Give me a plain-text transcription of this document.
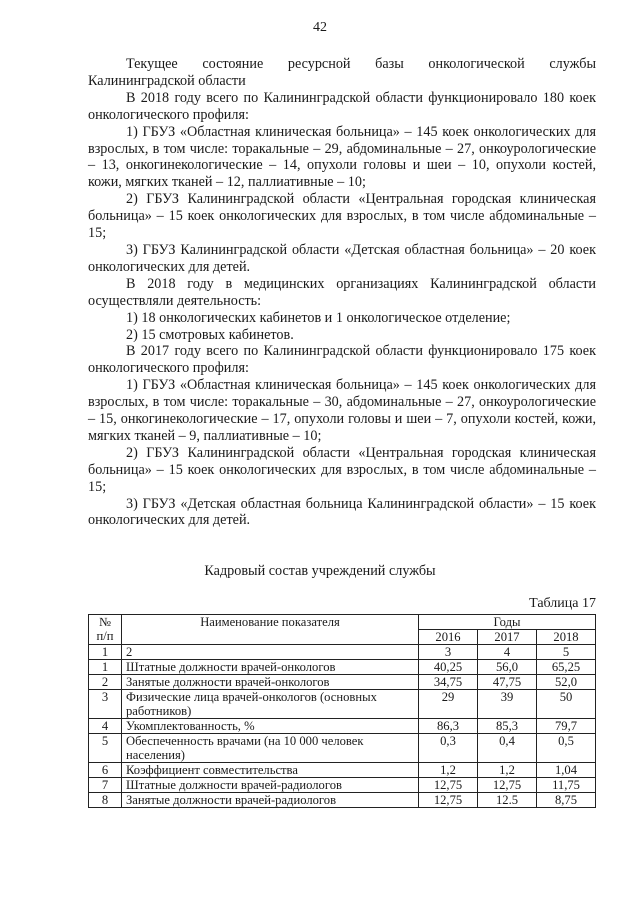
42

Текущее состояние ресурсной базы онкологической службы Калининградской области

В 2018 году всего по Калининградской области функционировало 180 коек онкологического профиля:

1) ГБУЗ «Областная клиническая больница» – 145 коек онкологических для взрослых, в том числе: торакальные – 29, абдоминальные – 27, онкоурологические – 13, онкогинекологические – 14, опухоли головы и шеи – 10, опухоли костей, кожи, мягких тканей – 12, паллиативные – 10;

2) ГБУЗ Калининградской области «Центральная городская клиническая больница» – 15 коек онкологических для взрослых, в том числе абдоминальные – 15;

3) ГБУЗ Калининградской области «Детская областная больница» – 20 коек онкологических для детей.

В 2018 году в медицинских организациях Калининградской области осуществляли деятельность:

1) 18 онкологических кабинетов и 1 онкологическое отделение;

2) 15 смотровых кабинетов.

В 2017 году всего по Калининградской области функционировало 175 коек онкологического профиля:

1) ГБУЗ «Областная клиническая больница» – 145 коек онкологических для взрослых, в том числе: торакальные – 30, абдоминальные – 27, онкоурологические – 15, онкогинекологические – 17, опухоли головы и шеи – 7, опухоли костей, кожи, мягких тканей – 9, паллиативные – 10;

2) ГБУЗ Калининградской области «Центральная городская клиническая больница» – 15 коек онкологических для взрослых, в том числе абдоминальные – 15;

3) ГБУЗ «Детская областная больница Калининградской области» – 15 коек онкологических для детей.

Кадровый состав учреждений службы
Таблица 17
№ п/п	Наименование показателя	Годы		
		2016	2017	2018
1	2	3	4	5
1	Штатные должности врачей-онкологов	40,25	56,0	65,25
2	Занятые должности врачей-онкологов	34,75	47,75	52,0
3	Физические лица врачей-онкологов (основных работников)	29	39	50
4	Укомплектованность, %	86,3	85,3	79,7
5	Обеспеченность врачами (на 10 000 человек населения)	0,3	0,4	0,5
6	Коэффициент совместительства	1,2	1,2	1,04
7	Штатные должности врачей-радиологов	12,75	12,75	11,75
8	Занятые должности врачей-радиологов	12,75	12.5	8,75
